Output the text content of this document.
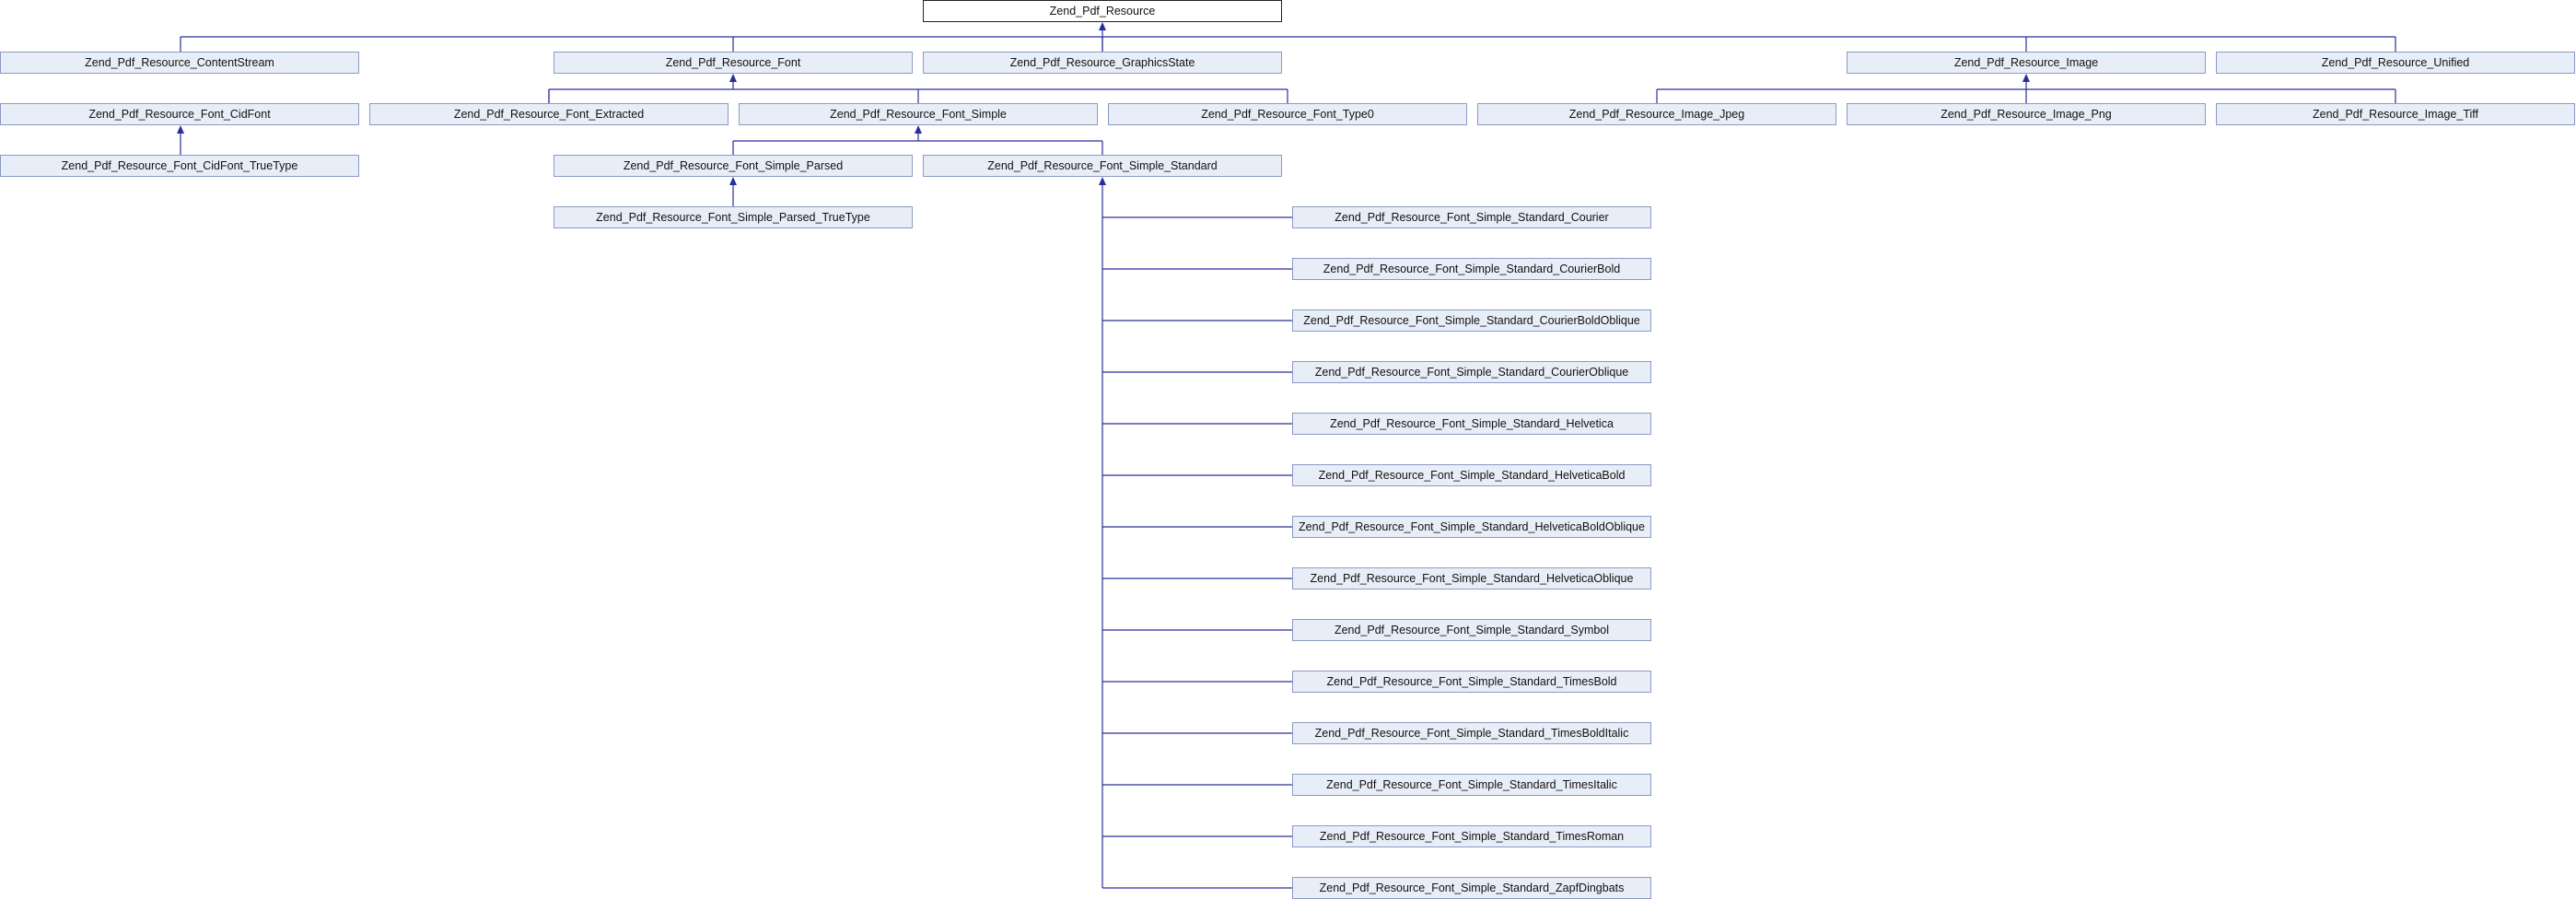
Zend_Pdf_Resource
Zend_Pdf_Resource_ContentStream	Zend_Pdf_Resource_Font	Zend_Pdf_Resource_GraphicsState	Zend_Pdf_Resource_Image	Zend_Pdf_Resource_Unified
Zend_Pdf_Resource_Font_CidFont	Zend_Pdf_Resource_Font_Extracted	Zend_Pdf_Resource_Font_Simple	Zend_Pdf_Resource_Font_Type0	Zend_Pdf_Resource_Image_Jpeg	Zend_Pdf_Resource_Image_Png	Zend_Pdf_Resource_Image_Tiff
Zend_Pdf_Resource_Font_CidFont_TrueType	Zend_Pdf_Resource_Font_Simple_Parsed	Zend_Pdf_Resource_Font_Simple_Standard
Zend_Pdf_Resource_Font_Simple_Parsed_TrueType	Zend_Pdf_Resource_Font_Simple_Standard_Courier
Zend_Pdf_Resource_Font_Simple_Standard_CourierBold
Zend_Pdf_Resource_Font_Simple_Standard_CourierBoldOblique
Zend_Pdf_Resource_Font_Simple_Standard_CourierOblique
Zend_Pdf_Resource_Font_Simple_Standard_Helvetica
Zend_Pdf_Resource_Font_Simple_Standard_HelveticaBold
Zend_Pdf_Resource_Font_Simple_Standard_HelveticaBoldOblique
Zend_Pdf_Resource_Font_Simple_Standard_HelveticaOblique
Zend_Pdf_Resource_Font_Simple_Standard_Symbol
Zend_Pdf_Resource_Font_Simple_Standard_TimesBold
Zend_Pdf_Resource_Font_Simple_Standard_TimesBoldItalic
Zend_Pdf_Resource_Font_Simple_Standard_TimesItalic
Zend_Pdf_Resource_Font_Simple_Standard_TimesRoman
Zend_Pdf_Resource_Font_Simple_Standard_ZapfDingbats
